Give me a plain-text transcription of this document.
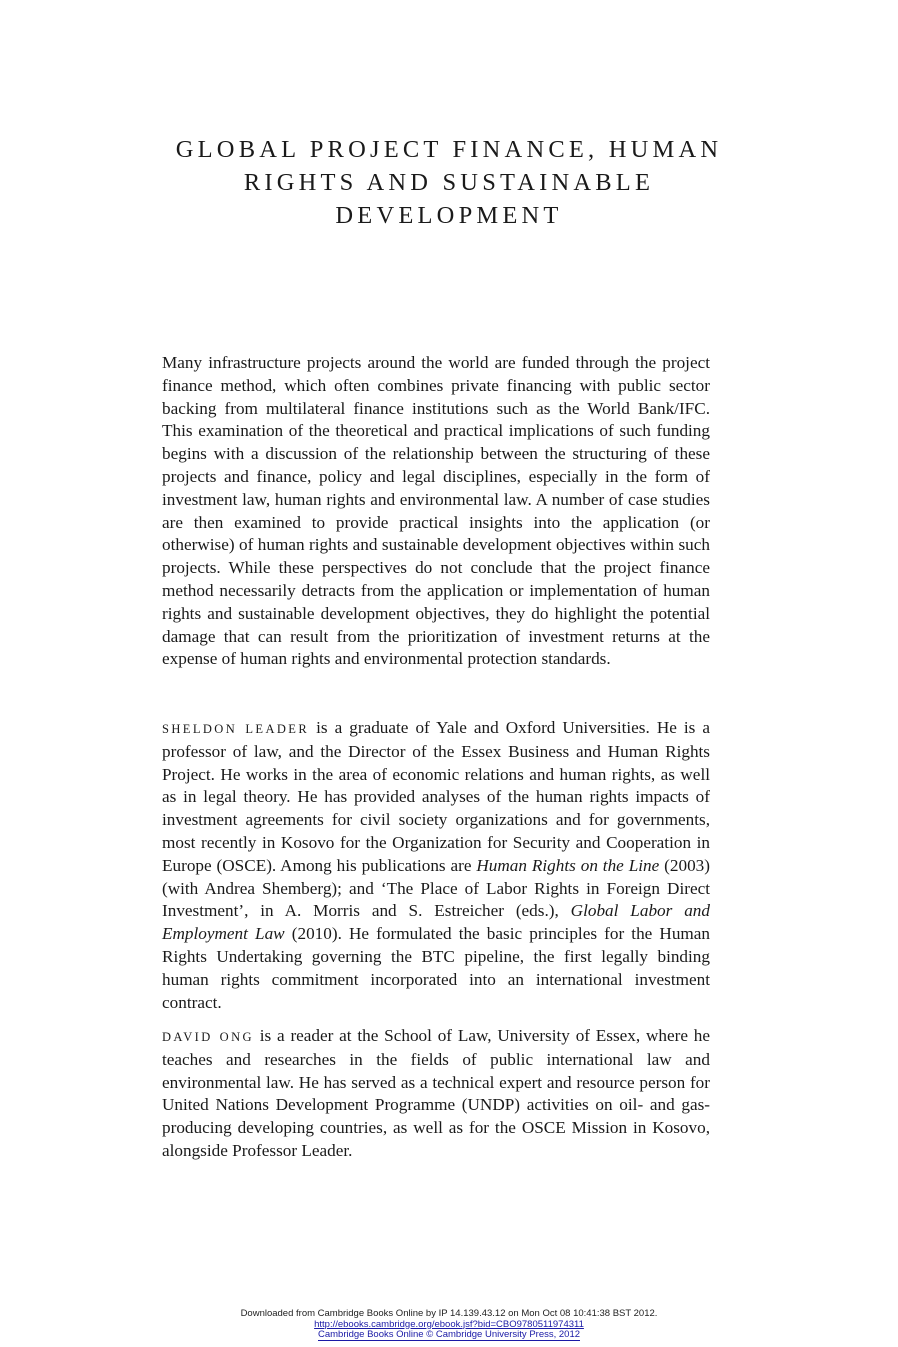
GLOBAL PROJECT FINANCE, HUMAN
RIGHTS AND SUSTAINABLE
DEVELOPMENT

Many infrastructure projects around the world are funded through the project finance method, which often combines private financing with public sector backing from multilateral finance institutions such as the World Bank/IFC. This examination of the theoretical and practical implications of such funding begins with a discussion of the relationship between the structuring of these projects and finance, policy and legal disciplines, especially in the form of investment law, human rights and environmental law. A number of case studies are then examined to provide practical insights into the application (or otherwise) of human rights and sustainable development objectives within such projects. While these perspectives do not conclude that the project finance method necessarily detracts from the application or implementation of human rights and sustainable development objectives, they do highlight the potential damage that can result from the prioritization of investment returns at the expense of human rights and environmental protection standards.

SHELDON LEADER is a graduate of Yale and Oxford Universities. He is a professor of law, and the Director of the Essex Business and Human Rights Project. He works in the area of economic relations and human rights, as well as in legal theory. He has provided analyses of the human rights impacts of investment agreements for civil society organizations and for governments, most recently in Kosovo for the Organization for Security and Cooperation in Europe (OSCE). Among his publications are Human Rights on the Line (2003) (with Andrea Shemberg); and ‘The Place of Labor Rights in Foreign Direct Investment’, in A. Morris and S. Estreicher (eds.), Global Labor and Employment Law (2010). He formulated the basic principles for the Human Rights Undertaking governing the BTC pipeline, the first legally binding human rights commitment incorporated into an international investment contract.

DAVID ONG is a reader at the School of Law, University of Essex, where he teaches and researches in the fields of public international law and environmental law. He has served as a technical expert and resource person for United Nations Development Programme (UNDP) activities on oil- and gas-producing developing countries, as well as for the OSCE Mission in Kosovo, alongside Professor Leader.

Downloaded from Cambridge Books Online by IP 14.139.43.12 on Mon Oct 08 10:41:38 BST 2012.
http://ebooks.cambridge.org/ebook.jsf?bid=CBO9780511974311
Cambridge Books Online © Cambridge University Press, 2012
